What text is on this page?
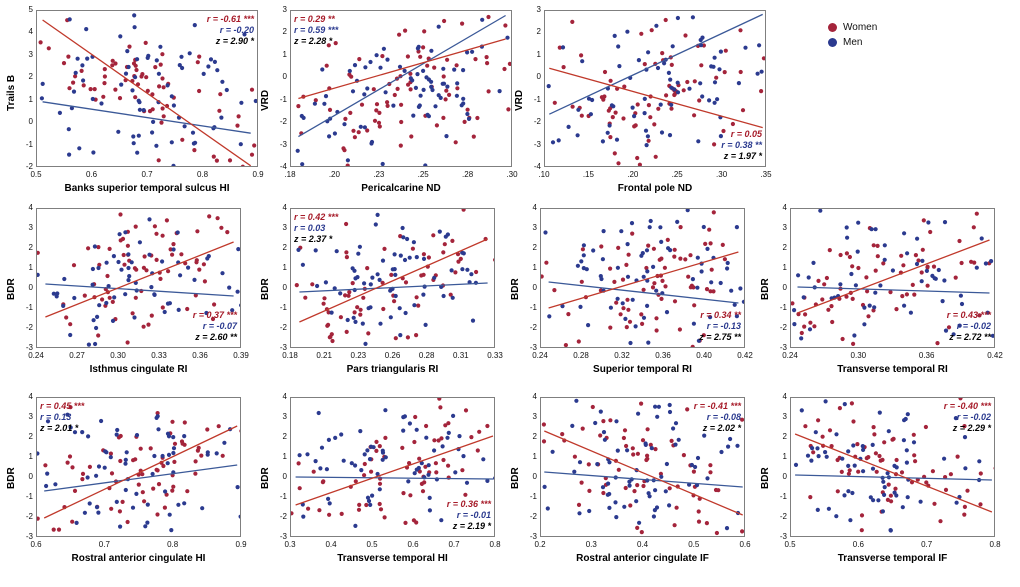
-2
-1
0
1
2
3
4
5
0.5	0.6	0.7	0.8	0.9
Banks superior temporal sulcus HI
Trails B
r = -0.61 ***
r = -0.20
z = 2.90 *
-4
-3
-2
-1
0
1
2
3
.18	.20	.23	.25	.28	.30
Pericalcarine ND
VRD
r = 0.29 **
r = 0.59 ***
z = 2.28 *
-4
-3
-2
-1
0
1
2
3
.10	.15	.20	.25	.30	.35
Frontal pole ND
VRD
r = 0.05
r = 0.38 **
z = 1.97 *
-3
-2
-1
0
1
2
3
4
0.24	0.27	0.30	0.33	0.36	0.39
Isthmus cingulate RI
BDR
r = 0.37 ***
r = -0.07
z = 2.60 **
-3
-2
-1
0
1
2
3
4
0.18	0.21	0.23	0.26	0.28	0.31	0.33
Pars triangularis RI
BDR
r = 0.42 ***
r = 0.03
z = 2.37 *
-3
-2
-1
0
1
2
3
4
0.24	0.28	0.32	0.36	0.40	0.42
Superior temporal RI
BDR
r = 0.34 **
r = -0.13
z = 2.75 **
-3
-2
-1
0
1
2
3
4
0.24	0.30	0.36	0.42
Transverse temporal RI
BDR
r = 0.43 ***
r = -0.02
z = 2.72 **
-3
-2
-1
0
1
2
3
4
0.6	0.7	0.8	0.9
Rostral anterior cingulate HI
BDR
r = 0.45 ***
r = 0.13
z = 2.01 *
-3
-2
-1
0
1
2
3
4
0.3	0.4	0.5	0.6	0.7	0.8
Transverse temporal HI
BDR
r = 0.36 ***
r = -0.01
z = 2.19 *
-3
-2
-1
0
1
2
3
4
0.2	0.3	0.4	0.5	0.6
Rostral anterior cingulate IF
BDR
r = -0.41 ***
r = -0.08
z = 2.02 *
-3
-2
-1
0
1
2
3
4
0.5	0.6	0.7	0.8
Transverse temporal IF
BDR
r = -0.40 ***
r = -0.02
z = 2.29 *
Women
Men
